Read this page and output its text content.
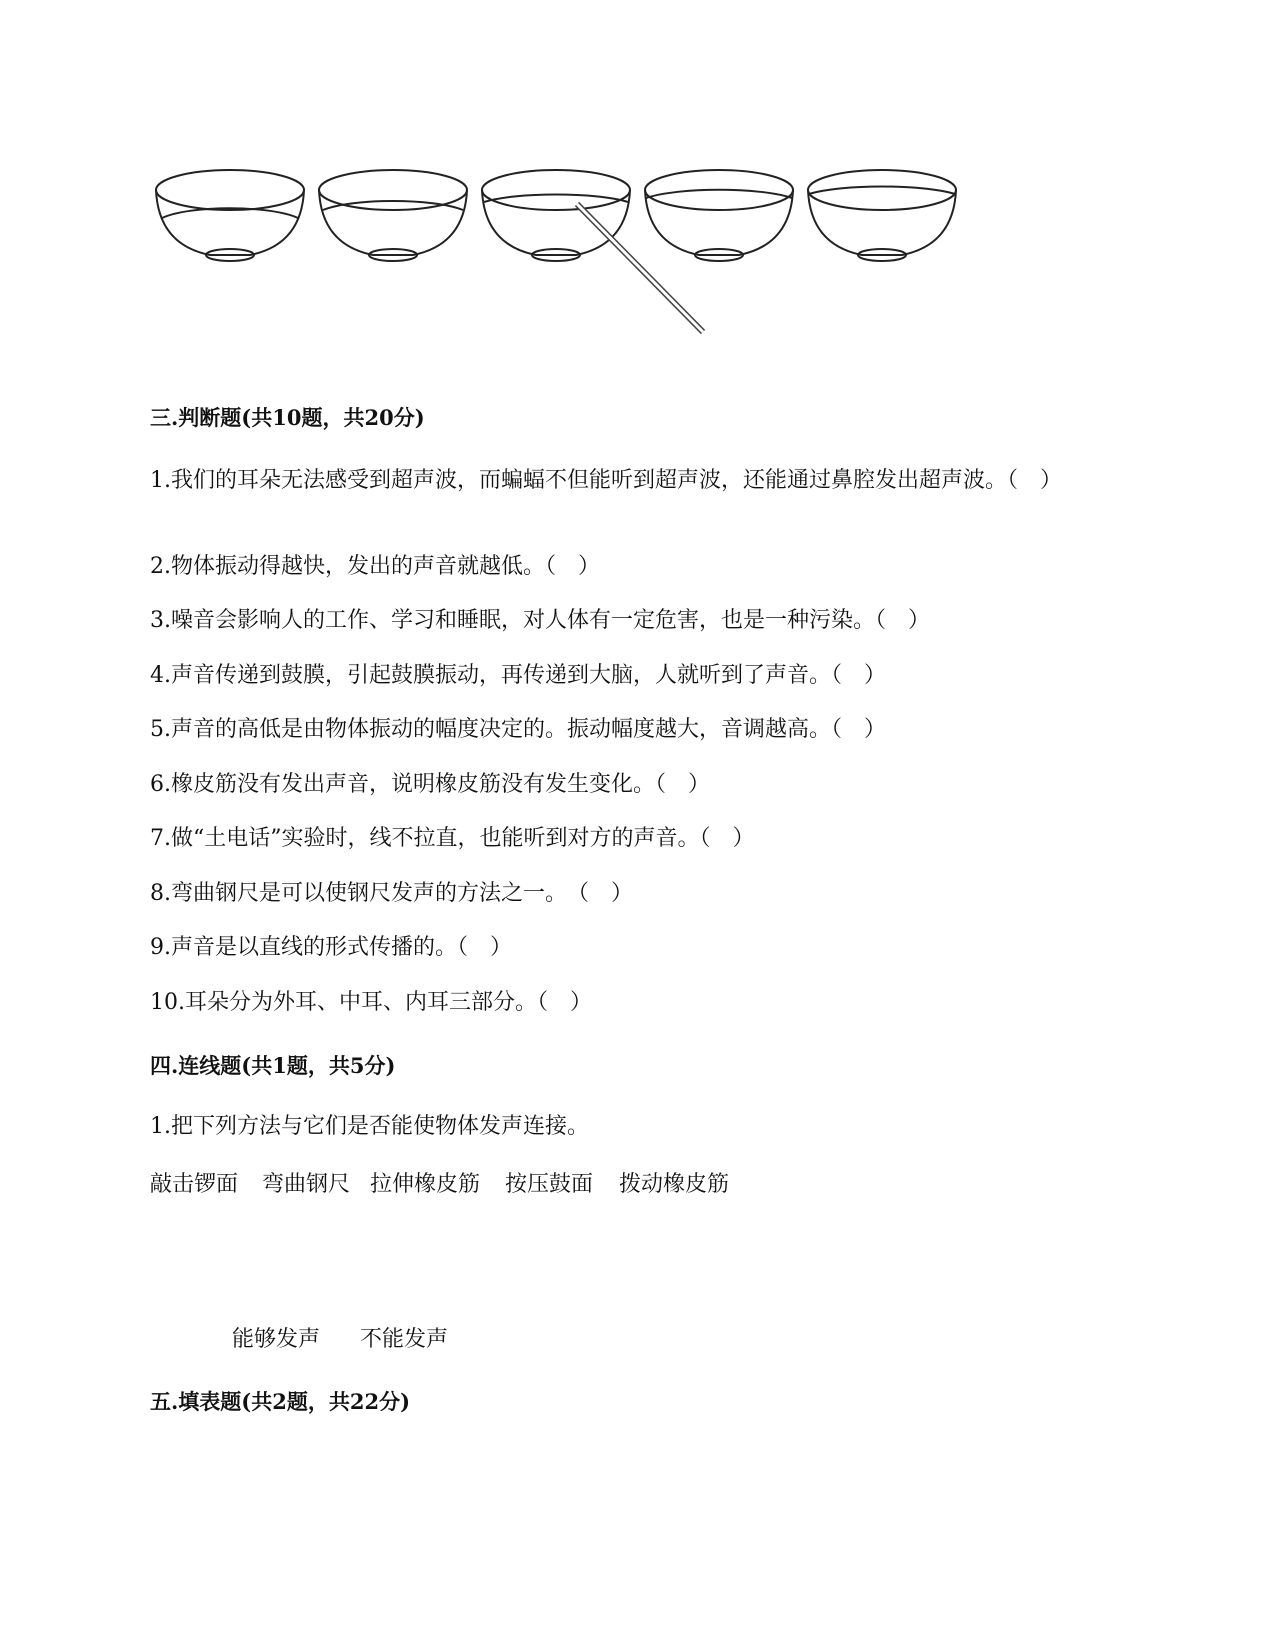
三.判断题(共10题，共20分)
1.我们的耳朵无法感受到超声波，而蝙蝠不但能听到超声波，还能通过鼻腔发出超声波。（　）
2.物体振动得越快，发出的声音就越低。（　）
3.噪音会影响人的工作、学习和睡眠，对人体有一定危害，也是一种污染。（　）
4.声音传递到鼓膜，引起鼓膜振动，再传递到大脑，人就听到了声音。（　）
5.声音的高低是由物体振动的幅度决定的。振动幅度越大，音调越高。（　）
6.橡皮筋没有发出声音，说明橡皮筋没有发生变化。（　）
7.做“土电话”实验时，线不拉直，也能听到对方的声音。（　）
8.弯曲钢尺是可以使钢尺发声的方法之一。　（　）
9.声音是以直线的形式传播的。（　）
10.耳朵分为外耳、中耳、内耳三部分。（　）
四.连线题(共1题，共5分)
1.把下列方法与它们是否能使物体发声连接。
敲击锣面 弯曲钢尺 拉伸橡皮筋 按压鼓面 拨动橡皮筋
能够发声 不能发声
五.填表题(共2题，共22分)
